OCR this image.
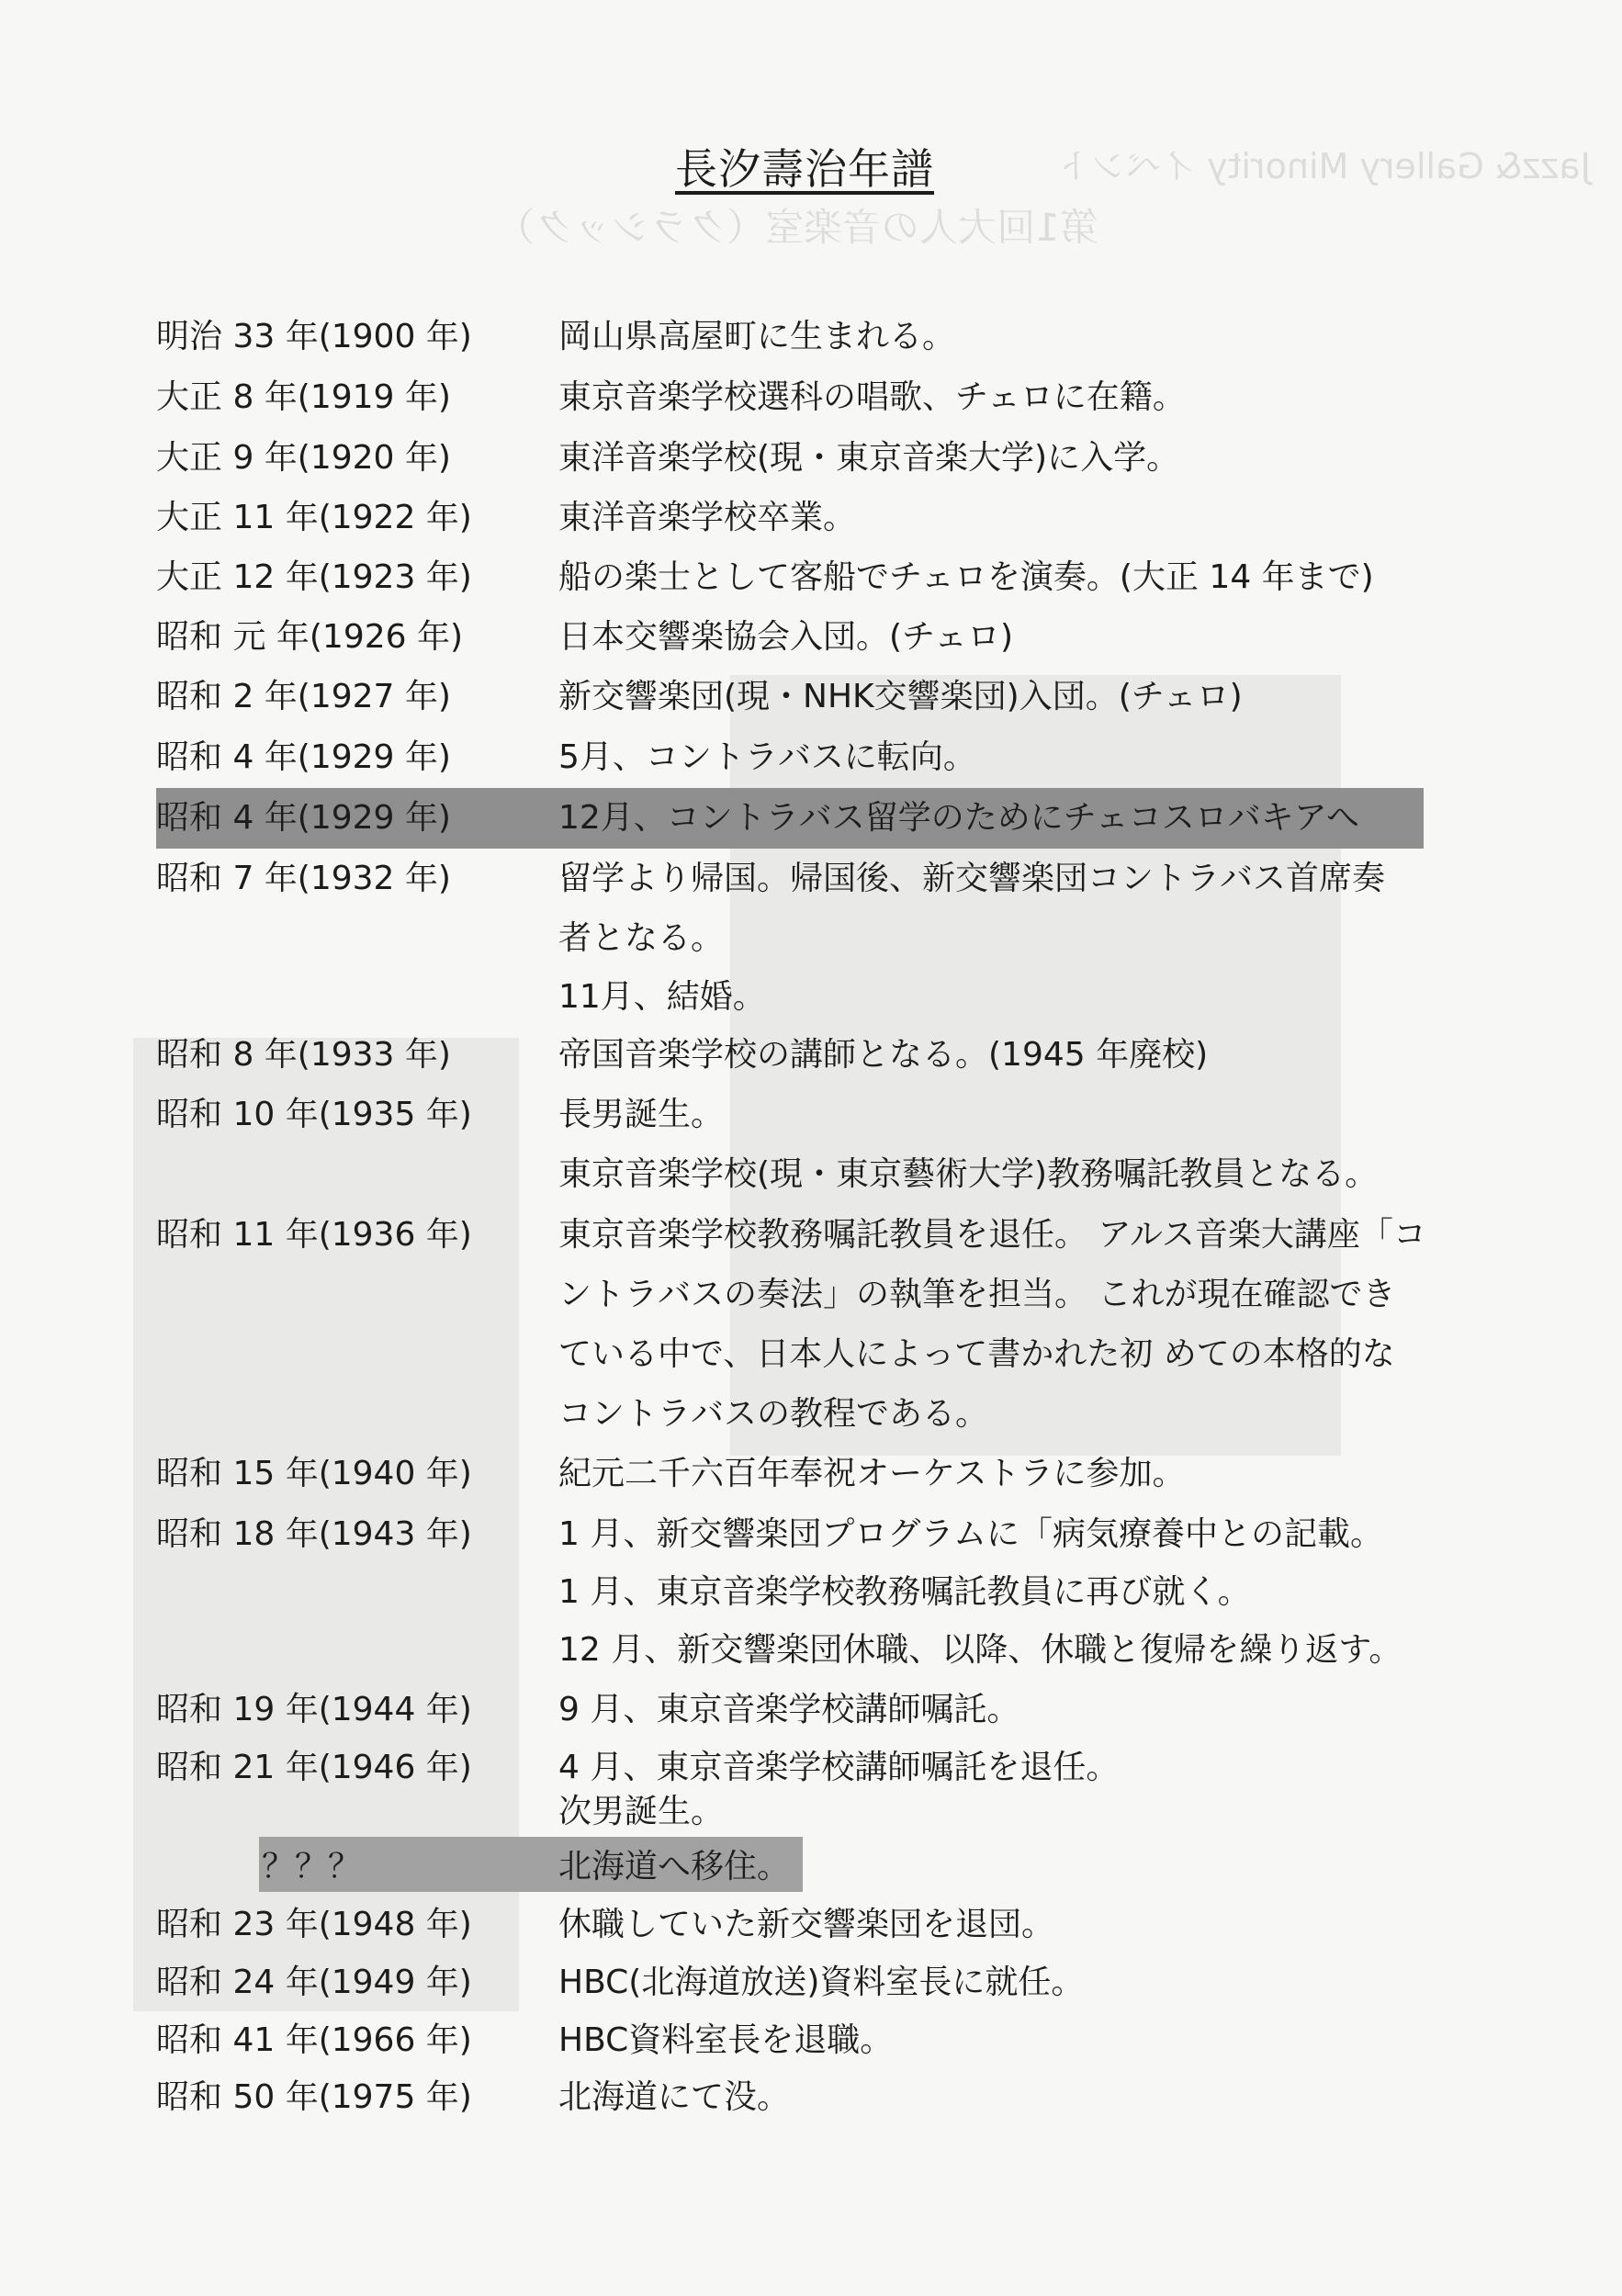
Jazz& Gallery Minority イベント
第1回大人の音楽室（クラシック）
長汐壽治年譜
明治 33 年(1900 年)	岡山県高屋町に生まれる。
大正 8 年(1919 年)	東京音楽学校選科の唱歌、チェロに在籍。
大正 9 年(1920 年)	東洋音楽学校(現・東京音楽大学)に入学。
大正 11 年(1922 年)	東洋音楽学校卒業。
大正 12 年(1923 年)	船の楽士として客船でチェロを演奏。(大正 14 年まで)
昭和 元 年(1926 年)	日本交響楽協会入団。(チェロ)
昭和 2 年(1927 年)	新交響楽団(現・NHK交響楽団)入団。(チェロ)
昭和 4 年(1929 年)	5月、コントラバスに転向。
昭和 4 年(1929 年)	12月、コントラバス留学のためにチェコスロバキアへ
昭和 7 年(1932 年)	留学より帰国。帰国後、新交響楽団コントラバス首席奏
者となる。
11月、結婚。
昭和 8 年(1933 年)	帝国音楽学校の講師となる。(1945 年廃校)
昭和 10 年(1935 年)	長男誕生。
東京音楽学校(現・東京藝術大学)教務嘱託教員となる。
昭和 11 年(1936 年)	東京音楽学校教務嘱託教員を退任。 アルス音楽大講座「コ
ントラバスの奏法」の執筆を担当。 これが現在確認でき
ている中で、日本人によって書かれた初 めての本格的な
コントラバスの教程である。
昭和 15 年(1940 年)	紀元二千六百年奉祝オーケストラに参加。
昭和 18 年(1943 年)	1 月、新交響楽団プログラムに「病気療養中との記載。
1 月、東京音楽学校教務嘱託教員に再び就く。
12 月、新交響楽団休職、以降、休職と復帰を繰り返す。
昭和 19 年(1944 年)	9 月、東京音楽学校講師嘱託。
昭和 21 年(1946 年)	4 月、東京音楽学校講師嘱託を退任。
次男誕生。
？？？	北海道へ移住。
昭和 23 年(1948 年)	休職していた新交響楽団を退団。
昭和 24 年(1949 年)	HBC(北海道放送)資料室長に就任。
昭和 41 年(1966 年)	HBC資料室長を退職。
昭和 50 年(1975 年)	北海道にて没。
